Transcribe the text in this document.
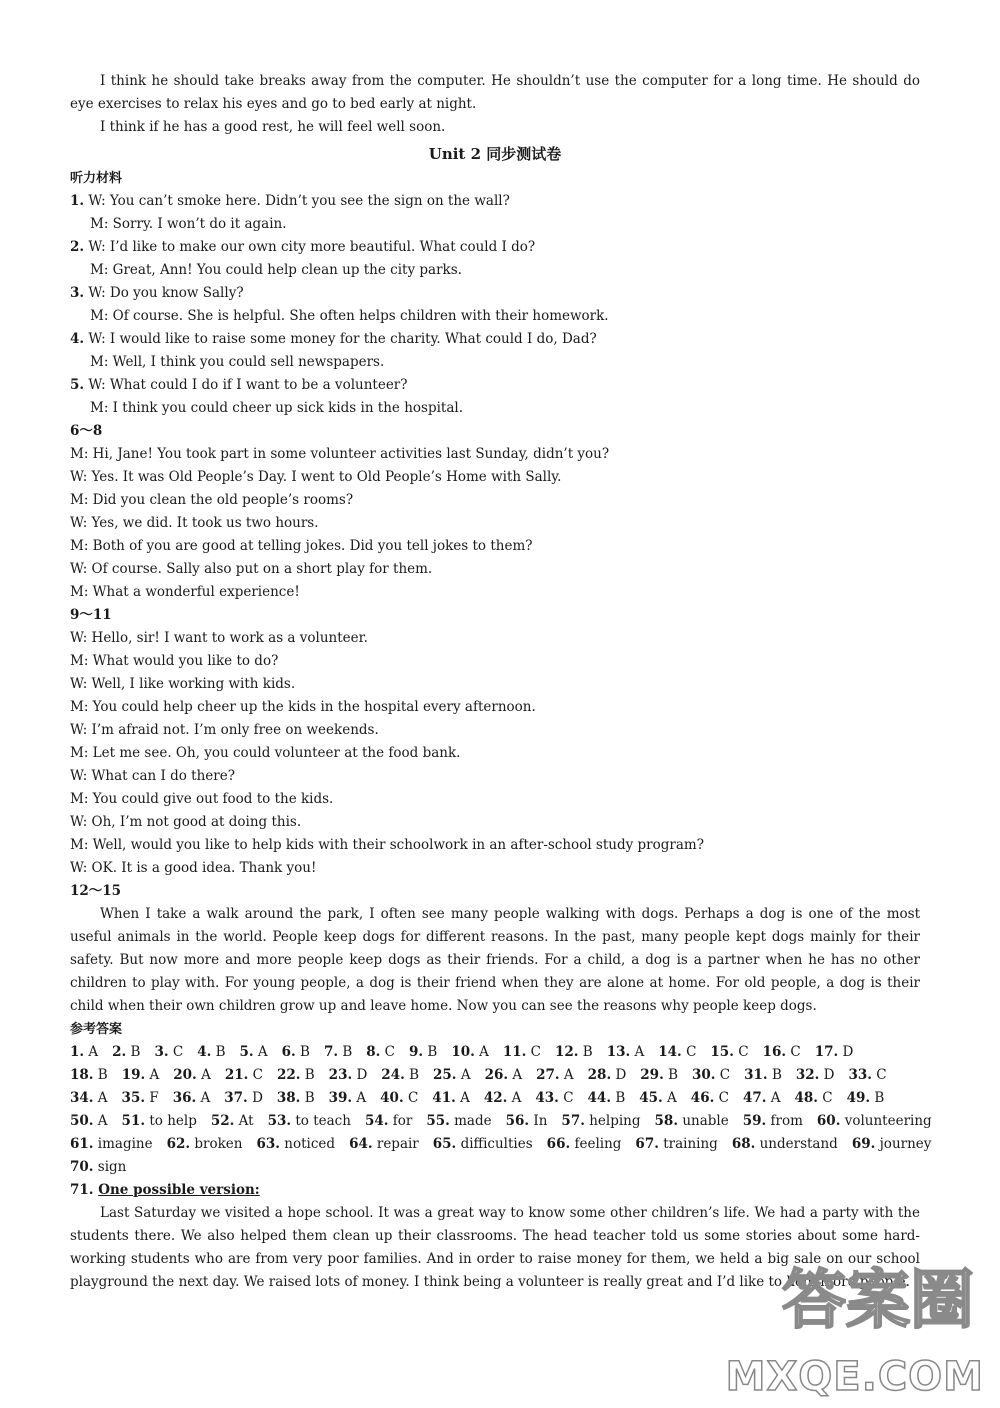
I think he should take breaks away from the computer. He shouldn’t use the computer for a long time. He should do eye exercises to relax his eyes and go to bed early at night.

I think if he has a good rest, he will feel well soon.

Unit 2 同步测试卷

听力材料

1. W: You can’t smoke here. Didn’t you see the sign on the wall?

M: Sorry. I won’t do it again.

2. W: I’d like to make our own city more beautiful. What could I do?

M: Great, Ann! You could help clean up the city parks.

3. W: Do you know Sally?

M: Of course. She is helpful. She often helps children with their homework.

4. W: I would like to raise some money for the charity. What could I do, Dad?

M: Well, I think you could sell newspapers.

5. W: What could I do if I want to be a volunteer?

M: I think you could cheer up sick kids in the hospital.

6～8

M: Hi, Jane! You took part in some volunteer activities last Sunday, didn’t you?

W: Yes. It was Old People’s Day. I went to Old People’s Home with Sally.

M: Did you clean the old people’s rooms?

W: Yes, we did. It took us two hours.

M: Both of you are good at telling jokes. Did you tell jokes to them?

W: Of course. Sally also put on a short play for them.

M: What a wonderful experience!

9～11

W: Hello, sir! I want to work as a volunteer.

M: What would you like to do?

W: Well, I like working with kids.

M: You could help cheer up the kids in the hospital every afternoon.

W: I’m afraid not. I’m only free on weekends.

M: Let me see. Oh, you could volunteer at the food bank.

W: What can I do there?

M: You could give out food to the kids.

W: Oh, I’m not good at doing this.

M: Well, would you like to help kids with their schoolwork in an after-school study program?

W: OK. It is a good idea. Thank you!

12～15

When I take a walk around the park, I often see many people walking with dogs. Perhaps a dog is one of the most useful animals in the world. People keep dogs for different reasons. In the past, many people kept dogs mainly for their safety. But now more and more people keep dogs as their friends. For a child, a dog is a partner when he has no other children to play with. For young people, a dog is their friend when they are alone at home. For old people, a dog is their child when their own children grow up and leave home. Now you can see the reasons why people keep dogs.

参考答案

1. A 2. B 3. C 4. B 5. A 6. B 7. B 8. C 9. B 10. A 11. C 12. B 13. A 14. C 15. C 16. C 17. D
18. B 19. A 20. A 21. C 22. B 23. D 24. B 25. A 26. A 27. A 28. D 29. B 30. C 31. B 32. D 33. C
34. A 35. F 36. A 37. D 38. B 39. A 40. C 41. A 42. A 43. C 44. B 45. A 46. C 47. A 48. C 49. B
50. A 51. to help 52. At 53. to teach 54. for 55. made 56. In 57. helping 58. unable 59. from 60. volunteering
61. imagine 62. broken 63. noticed 64. repair 65. difficulties 66. feeling 67. training 68. understand 69. journey
70. sign

71. One possible version:

Last Saturday we visited a hope school. It was a great way to know some other children’s life. We had a party with the students there. We also helped them clean up their classrooms. The head teacher told us some stories about some hard-working students who are from very poor families. And in order to raise money for them, we held a big sale on our school playground the next day. We raised lots of money. I think being a volunteer is really great and I’d like to help more people.

答案圈
MXQE.COM
